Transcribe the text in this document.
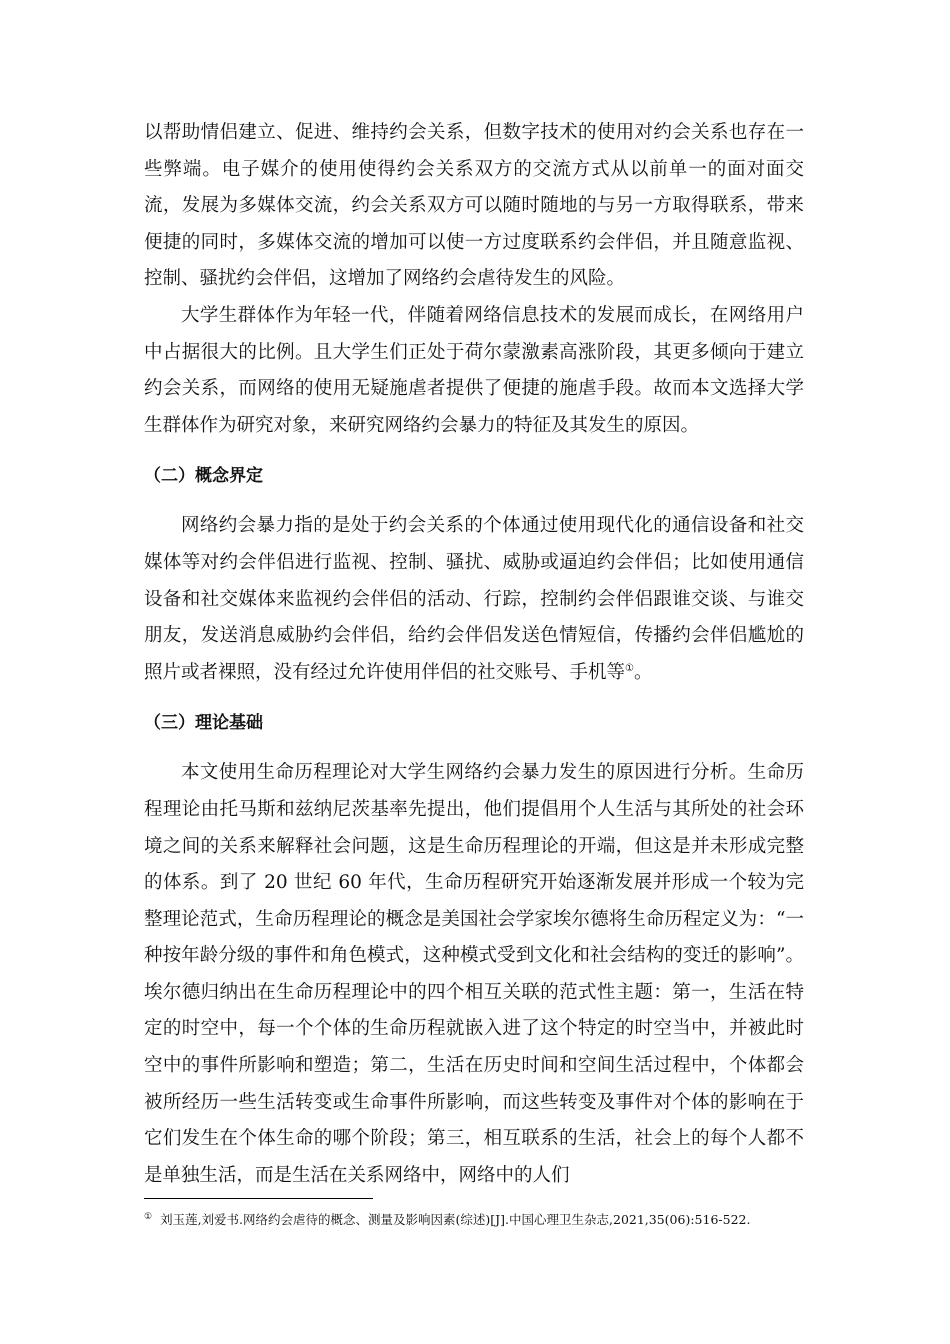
以帮助情侣建立、促进、维持约会关系，但数字技术的使用对约会关系也存在一些弊端。电子媒介的使用使得约会关系双方的交流方式从以前单一的面对面交流，发展为多媒体交流，约会关系双方可以随时随地的与另一方取得联系，带来便捷的同时，多媒体交流的增加可以使一方过度联系约会伴侣，并且随意监视、控制、骚扰约会伴侣，这增加了网络约会虐待发生的风险。

大学生群体作为年轻一代，伴随着网络信息技术的发展而成长，在网络用户中占据很大的比例。且大学生们正处于荷尔蒙激素高涨阶段，其更多倾向于建立约会关系，而网络的使用无疑施虐者提供了便捷的施虐手段。故而本文选择大学生群体作为研究对象，来研究网络约会暴力的特征及其发生的原因。

（二）概念界定

网络约会暴力指的是处于约会关系的个体通过使用现代化的通信设备和社交媒体等对约会伴侣进行监视、控制、骚扰、威胁或逼迫约会伴侣；比如使用通信设备和社交媒体来监视约会伴侣的活动、行踪，控制约会伴侣跟谁交谈、与谁交朋友，发送消息威胁约会伴侣，给约会伴侣发送色情短信，传播约会伴侣尴尬的照片或者裸照，没有经过允许使用伴侣的社交账号、手机等①。

（三）理论基础

本文使用生命历程理论对大学生网络约会暴力发生的原因进行分析。生命历程理论由托马斯和兹纳尼茨基率先提出，他们提倡用个人生活与其所处的社会环境之间的关系来解释社会问题，这是生命历程理论的开端，但这是并未形成完整的体系。到了 20 世纪 60 年代，生命历程研究开始逐渐发展并形成一个较为完整理论范式，生命历程理论的概念是美国社会学家埃尔德将生命历程定义为：“一种按年龄分级的事件和角色模式，这种模式受到文化和社会结构的变迁的影响”。埃尔德归纳出在生命历程理论中的四个相互关联的范式性主题：第一，生活在特定的时空中，每一个个体的生命历程就嵌入进了这个特定的时空当中，并被此时空中的事件所影响和塑造；第二，生活在历史时间和空间生活过程中，个体都会被所经历一些生活转变或生命事件所影响，而这些转变及事件对个体的影响在于它们发生在个体生命的哪个阶段；第三，相互联系的生活，社会上的每个人都不是单独生活，而是生活在关系网络中，网络中的人们

① 刘玉莲,刘爱书.网络约会虐待的概念、测量及影响因素(综述)[J].中国心理卫生杂志,2021,35(06):516-522.
